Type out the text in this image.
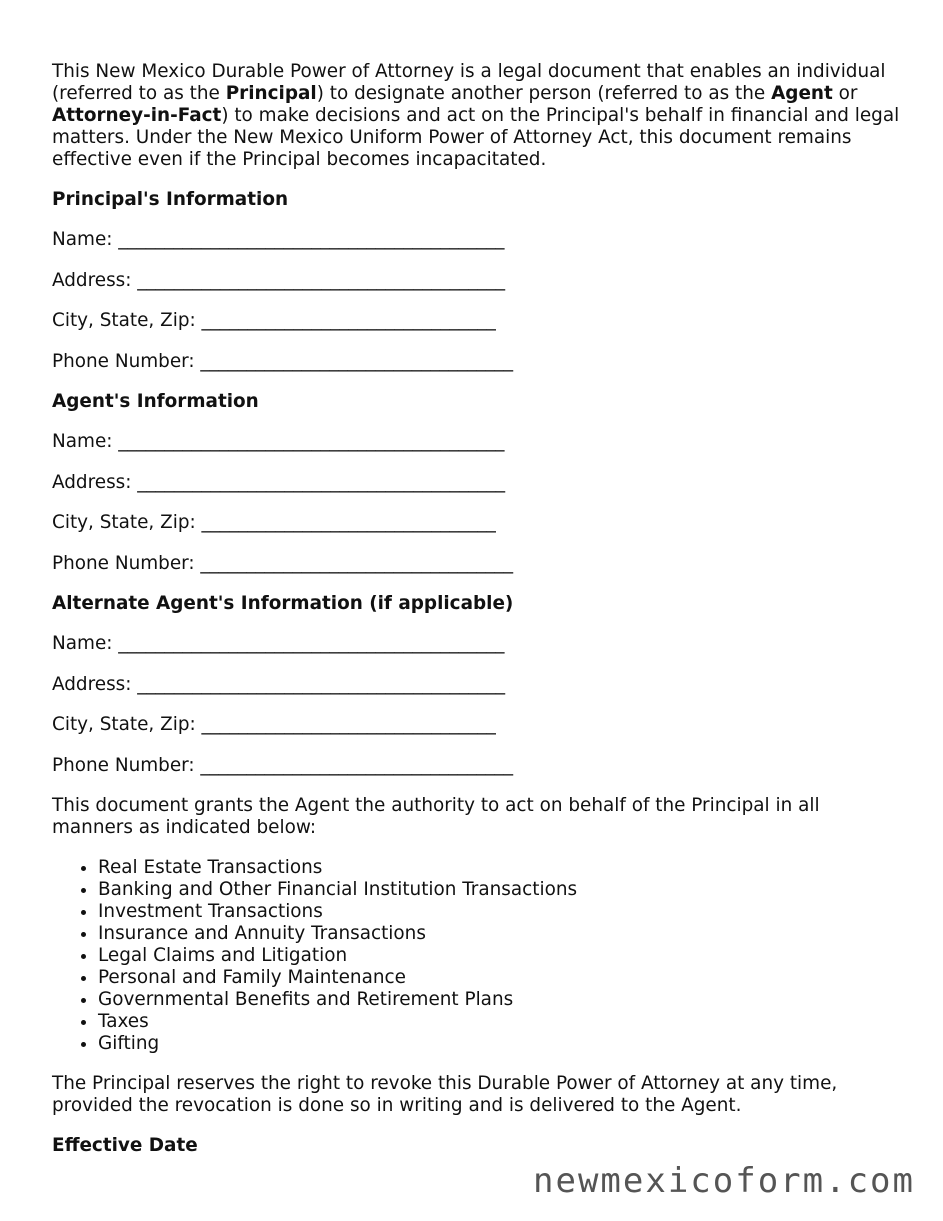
This New Mexico Durable Power of Attorney is a legal document that enables an individual (referred to as the Principal) to designate another person (referred to as the Agent or Attorney-in-Fact) to make decisions and act on the Principal's behalf in financial and legal matters. Under the New Mexico Uniform Power of Attorney Act, this document remains effective even if the Principal becomes incapacitated.

Principal's Information

Name: __________________________________________

Address: ________________________________________

City, State, Zip: ________________________________

Phone Number: __________________________________

Agent's Information

Name: __________________________________________

Address: ________________________________________

City, State, Zip: ________________________________

Phone Number: __________________________________

Alternate Agent's Information (if applicable)

Name: __________________________________________

Address: ________________________________________

City, State, Zip: ________________________________

Phone Number: __________________________________

This document grants the Agent the authority to act on behalf of the Principal in all manners as indicated below:

• Real Estate Transactions
• Banking and Other Financial Institution Transactions
• Investment Transactions
• Insurance and Annuity Transactions
• Legal Claims and Litigation
• Personal and Family Maintenance
• Governmental Benefits and Retirement Plans
• Taxes
• Gifting

The Principal reserves the right to revoke this Durable Power of Attorney at any time, provided the revocation is done so in writing and is delivered to the Agent.

Effective Date

newmexicoform.com
